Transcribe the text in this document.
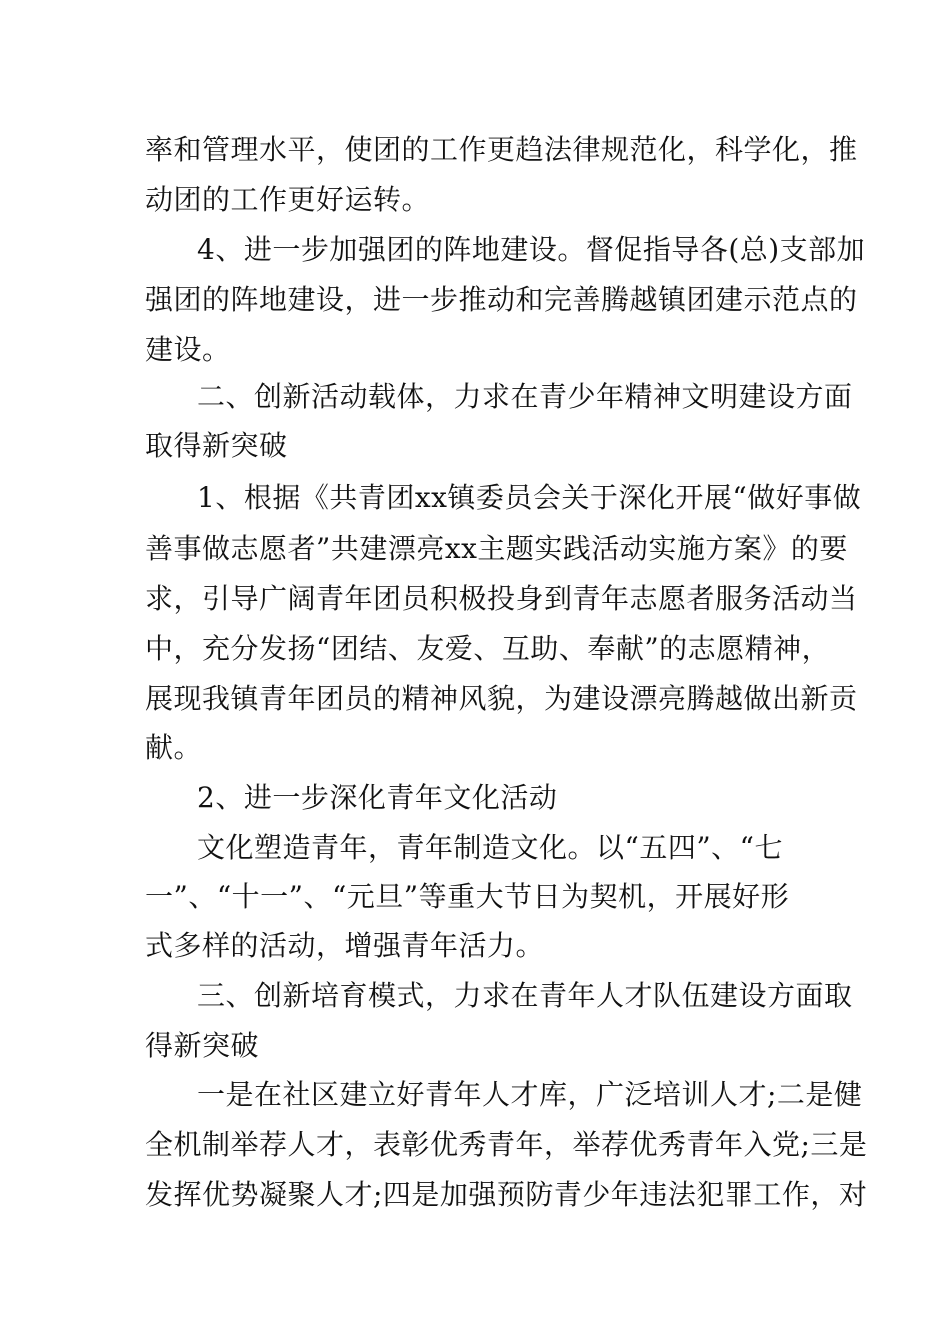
率和管理水平，使团的工作更趋法律规范化，科学化，推
动团的工作更好运转。
4、进一步加强团的阵地建设。督促指导各(总)支部加
强团的阵地建设，进一步推动和完善腾越镇团建示范点的
建设。
二、创新活动载体，力求在青少年精神文明建设方面
取得新突破
1、根据《共青团xx镇委员会关于深化开展“做好事做
善事做志愿者”共建漂亮xx主题实践活动实施方案》的要
求，引导广阔青年团员积极投身到青年志愿者服务活动当
中，充分发扬“团结、友爱、互助、奉献”的志愿精神，
展现我镇青年团员的精神风貌，为建设漂亮腾越做出新贡
献。
2、进一步深化青年文化活动
文化塑造青年，青年制造文化。以“五四”、“七
一”、“十一”、“元旦”等重大节日为契机，开展好形
式多样的活动，增强青年活力。
三、创新培育模式，力求在青年人才队伍建设方面取
得新突破
一是在社区建立好青年人才库，广泛培训人才;二是健
全机制举荐人才，表彰优秀青年，举荐优秀青年入党;三是
发挥优势凝聚人才;四是加强预防青少年违法犯罪工作，对
